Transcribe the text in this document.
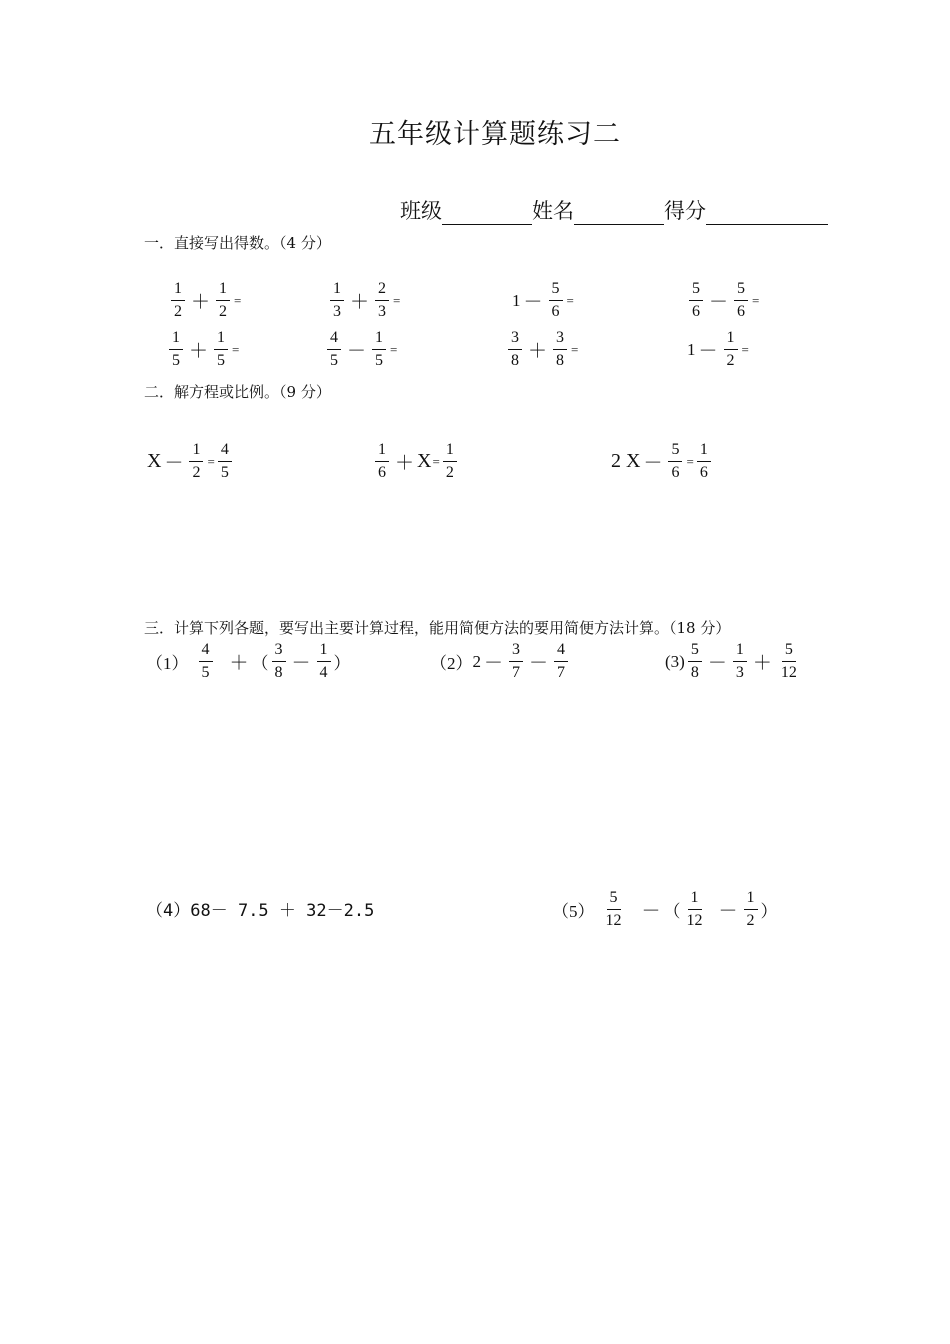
五年级计算题练习二
班级	姓名	得分
一．直接写出得数。（4 分）
$\frac{1}{2} + \frac{1}{2}$ =	$\frac{1}{3} + \frac{2}{3}$ =	$1 - \frac{5}{6}$ =	$\frac{5}{6} - \frac{5}{6}$ =
$\frac{1}{5} + \frac{1}{5}$ =	$\frac{4}{5} - \frac{1}{5}$ =	$\frac{3}{8} + \frac{3}{8}$ =	$1 - \frac{1}{2}$ =
二．解方程或比例。（9 分）
$X - \frac{1}{2} = \frac{4}{5}$	$\frac{1}{6} + X = \frac{1}{2}$	2 $X - \frac{5}{6} = \frac{1}{6}$
三．计算下列各题，要写出主要计算过程，能用简便方法的要用简便方法计算。（18 分）
$(1) \frac{4}{5}$ ＋ （ $\frac{3}{8} - \frac{1}{4}$ ）	（2） $2 - \frac{3}{7} - \frac{4}{7}$	$(3) \frac{5}{8} - \frac{1}{3} + \frac{5}{12}$
（4） 68－ 7.5 ＋ 32－2.5	$(5) \frac{5}{12}$ － （ $\frac{1}{12} - \frac{1}{2}$ ）
